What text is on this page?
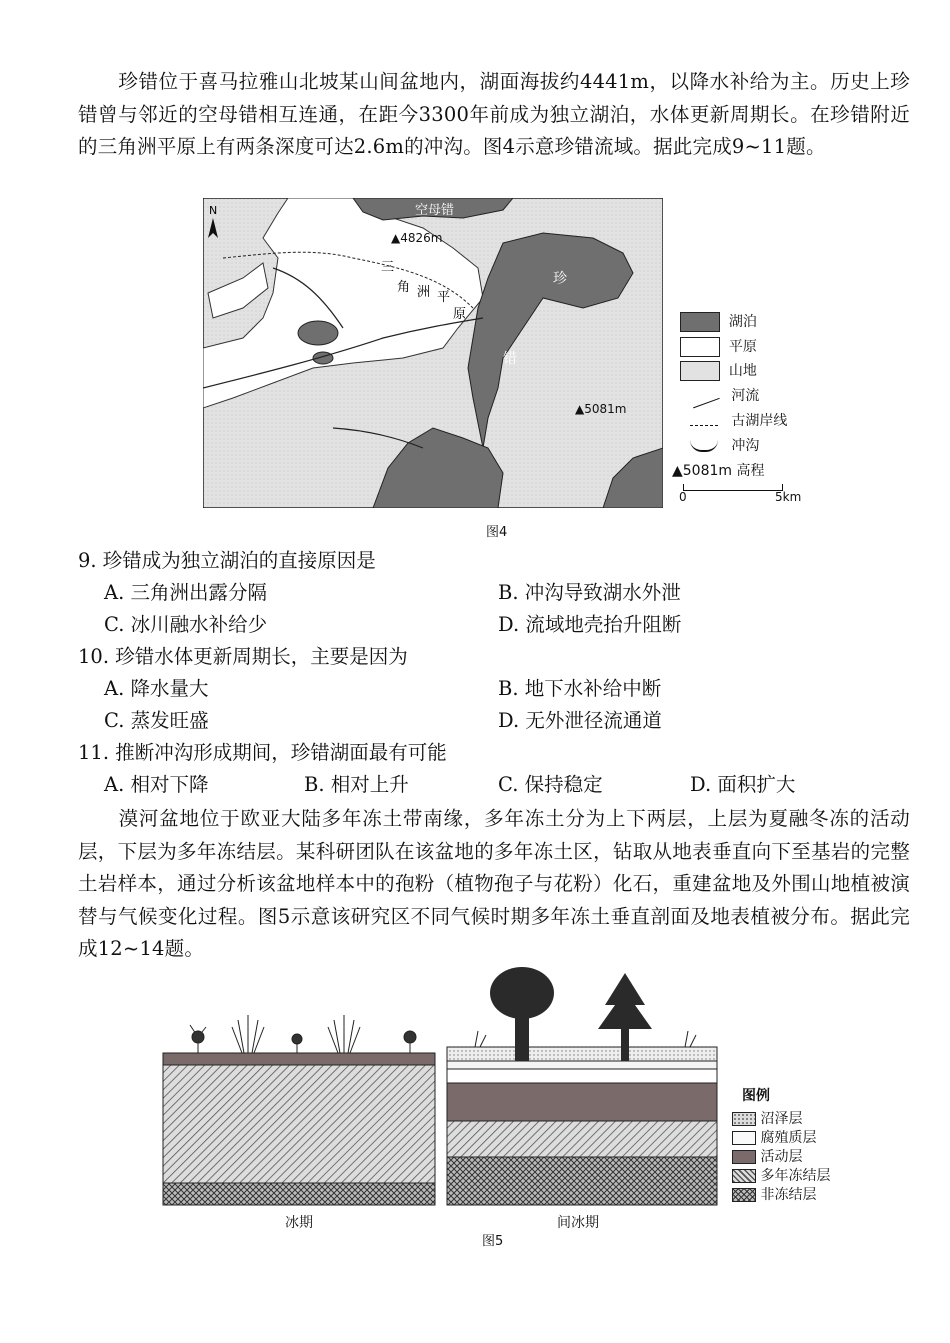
珍错位于喜马拉雅山北坡某山间盆地内，湖面海拔约4441m，以降水补给为主。历史上珍错曾与邻近的空母错相互连通，在距今3300年前成为独立湖泊，水体更新周期长。在珍错附近的三角洲平原上有两条深度可达2.6m的冲沟。图4示意珍错流域。据此完成9~11题。
空母错
▲4826m
▲5081m
珍
错
三
角 洲 平
原
N
湖泊
平原
山地
河流
古湖岸线
冲沟
▲5081m 高程
0	5km
图4
9. 珍错成为独立湖泊的直接原因是
A. 三角洲出露分隔	B. 冲沟导致湖水外泄
C. 冰川融水补给少	D. 流域地壳抬升阻断
10. 珍错水体更新周期长，主要是因为
A. 降水量大	B. 地下水补给中断
C. 蒸发旺盛	D. 无外泄径流通道
11. 推断冲沟形成期间，珍错湖面最有可能
A. 相对下降	B. 相对上升	C. 保持稳定	D. 面积扩大
漠河盆地位于欧亚大陆多年冻土带南缘，多年冻土分为上下两层，上层为夏融冬冻的活动层，下层为多年冻结层。某科研团队在该盆地的多年冻土区，钻取从地表垂直向下至基岩的完整土岩样本，通过分析该盆地样本中的孢粉（植物孢子与花粉）化石，重建盆地及外围山地植被演替与气候变化过程。图5示意该研究区不同气候时期多年冻土垂直剖面及地表植被分布。据此完成12~14题。
冰期	间冰期
图5
图例
沼泽层
腐殖质层
活动层
多年冻结层
非冻结层
